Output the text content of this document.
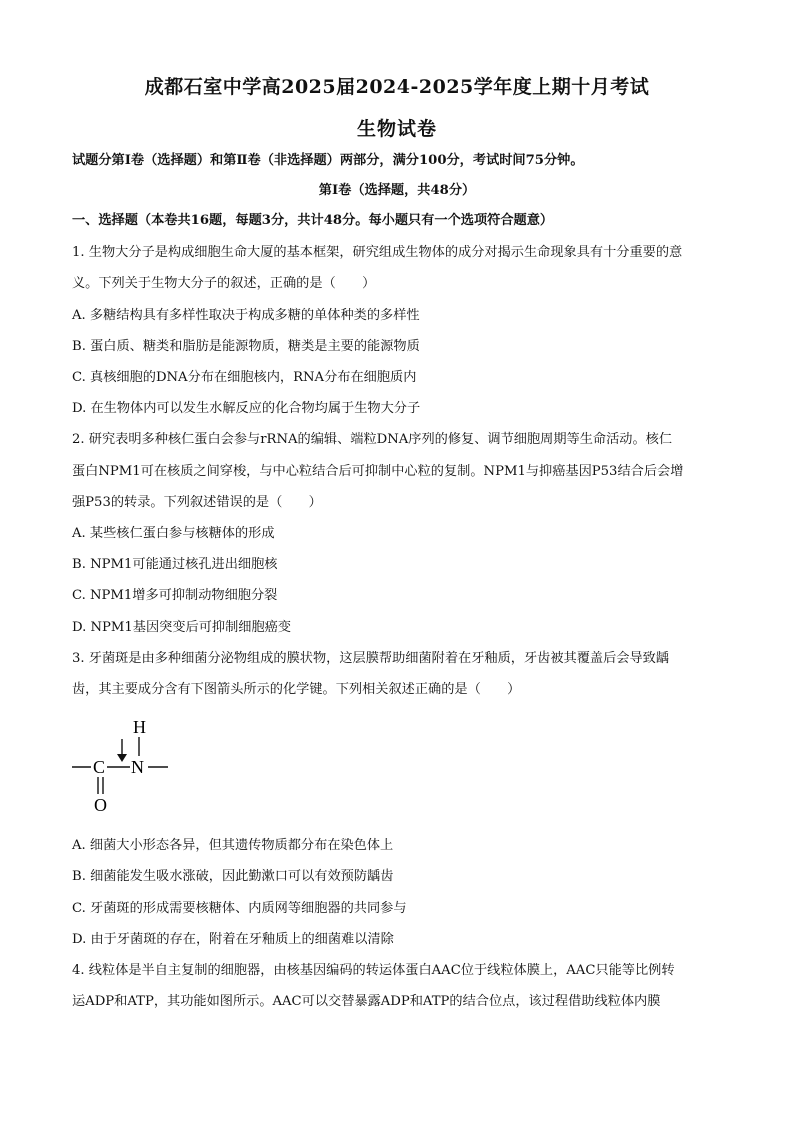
成都石室中学高2025届2024-2025学年度上期十月考试
生物试卷
试题分第Ⅰ卷（选择题）和第Ⅱ卷（非选择题）两部分，满分100分，考试时间75分钟。
第Ⅰ卷（选择题，共48分）
一、选择题（本卷共16题，每题3分，共计48分。每小题只有一个选项符合题意）
1. 生物大分子是构成细胞生命大厦的基本框架，研究组成生物体的成分对揭示生命现象具有十分重要的意
义。下列关于生物大分子的叙述，正确的是（　　）
A. 多糖结构具有多样性取决于构成多糖的单体种类的多样性
B. 蛋白质、糖类和脂肪是能源物质，糖类是主要的能源物质
C. 真核细胞的DNA分布在细胞核内，RNA分布在细胞质内
D. 在生物体内可以发生水解反应的化合物均属于生物大分子
2. 研究表明多种核仁蛋白会参与rRNA的编辑、端粒DNA序列的修复、调节细胞周期等生命活动。核仁
蛋白NPM1可在核质之间穿梭，与中心粒结合后可抑制中心粒的复制。NPM1与抑癌基因P53结合后会增
强P53的转录。下列叙述错误的是（　　）
A. 某些核仁蛋白参与核糖体的形成
B. NPM1可能通过核孔进出细胞核
C. NPM1增多可抑制动物细胞分裂
D. NPM1基因突变后可抑制细胞癌变
3. 牙菌斑是由多种细菌分泌物组成的膜状物，这层膜帮助细菌附着在牙釉质，牙齿被其覆盖后会导致龋
齿，其主要成分含有下图箭头所示的化学键。下列相关叙述正确的是（　　）
H
C N
O
A. 细菌大小形态各异，但其遗传物质都分布在染色体上
B. 细菌能发生吸水涨破，因此勤漱口可以有效预防龋齿
C. 牙菌斑的形成需要核糖体、内质网等细胞器的共同参与
D. 由于牙菌斑的存在，附着在牙釉质上的细菌难以清除
4. 线粒体是半自主复制的细胞器，由核基因编码的转运体蛋白AAC位于线粒体膜上，AAC只能等比例转
运ADP和ATP，其功能如图所示。AAC可以交替暴露ADP和ATP的结合位点，该过程借助线粒体内膜
